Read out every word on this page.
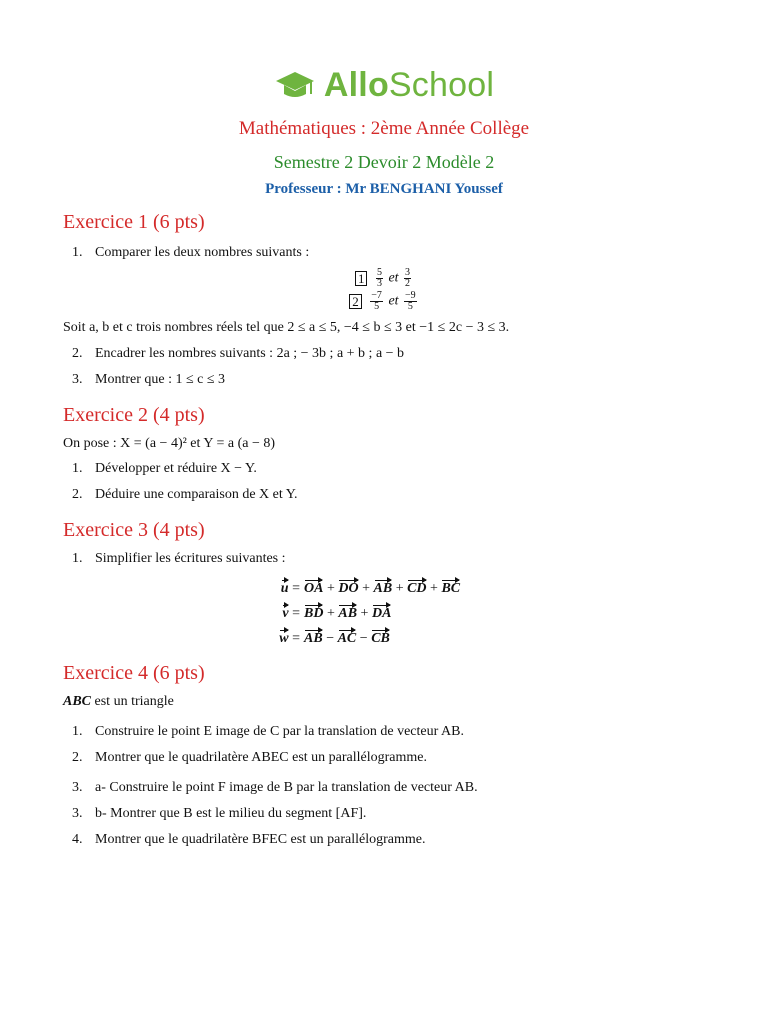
AlloSchool
Mathématiques : 2ème Année Collège
Semestre 2 Devoir 2 Modèle 2
Professeur : Mr BENGHANI Youssef
Exercice 1 (6 pts)
1. Comparer les deux nombres suivants :
$1 \frac{5}{3}$ et $\frac{3}{2}$
$2 \frac{-7}{5}$ et $\frac{-9}{5}$
Soit a, b et c trois nombres réels tel que 2 ≤ a ≤ 5, −4 ≤ b ≤ 3 et −1 ≤ 2c − 3 ≤ 3.
2. Encadrer les nombres suivants : 2a ; − 3b ; a + b ; a − b
3. Montrer que : 1 ≤ c ≤ 3
Exercice 2 (4 pts)
On pose : X = (a − 4)² et Y = a (a − 8)
1. Développer et réduire X − Y.
2. Déduire une comparaison de X et Y.
Exercice 3 (4 pts)
1. Simplifier les écritures suivantes :
u = OA
+
DO
+
AB
+
CD
+
BC
v = BD
+
AB
+
DA
w = AB
−
AC
−
CB
Exercice 4 (6 pts)
ABC est un triangle
1. Construire le point E image de C par la translation de vecteur AB.
2. Montrer que le quadrilatère ABEC est un parallélogramme.
3. a- Construire le point F image de B par la translation de vecteur AB.
3. b- Montrer que B est le milieu du segment [AF].
4. Montrer que le quadrilatère BFEC est un parallélogramme.
